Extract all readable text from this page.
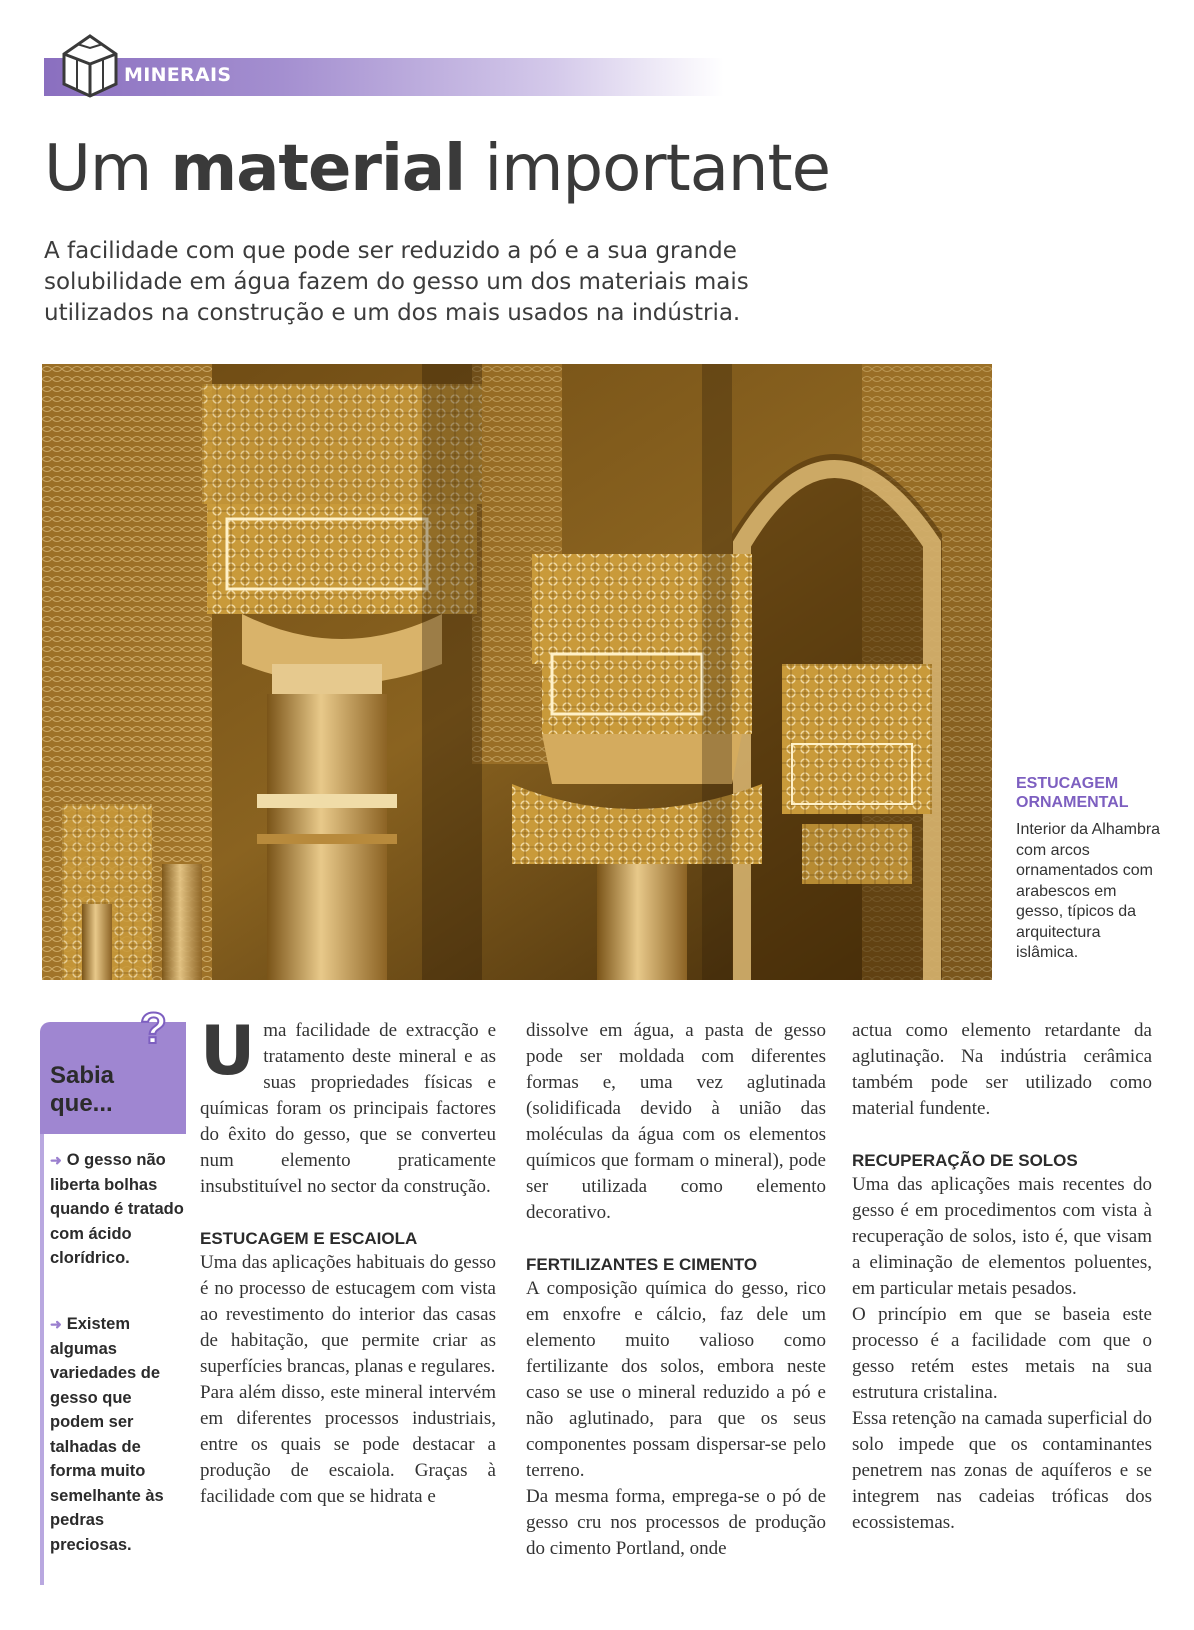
MINERAIS
Um material importante

A facilidade com que pode ser reduzido a pó e a sua grande solubilidade em água fazem do gesso um dos materiais mais utilizados na construção e um dos mais usados na indústria.

ESTUCAGEM ORNAMENTAL

Interior da Alhambra com arcos ornamentados com arabescos em gesso, típicos da arquitectura islâmica.

?

Sabia
que...

➜ O gesso não liberta bolhas quando é tratado com ácido clorídrico.

➜ Existem algumas variedades de gesso que podem ser talhadas de forma muito semelhante às pedras preciosas.

Uma facilidade de extracção e tratamento deste mineral e as suas propriedades físicas e químicas foram os principais factores do êxito do gesso, que se converteu num elemento praticamente insubstituível no sector da construção.

ESTUCAGEM E ESCAIOLA

Uma das aplicações habituais do gesso é no processo de estucagem com vista ao revestimento do interior das casas de habitação, que permite criar as superfícies brancas, planas e regulares.

Para além disso, este mineral intervém em diferentes processos industriais, entre os quais se pode destacar a produção de escaiola. Graças à facilidade com que se hidrata e

dissolve em água, a pasta de gesso pode ser moldada com diferentes formas e, uma vez aglutinada (solidificada devido à união das moléculas da água com os elementos químicos que formam o mineral), pode ser utilizada como elemento decorativo.

FERTILIZANTES E CIMENTO

A composição química do gesso, rico em enxofre e cálcio, faz dele um elemento muito valioso como fertilizante dos solos, embora neste caso se use o mineral reduzido a pó e não aglutinado, para que os seus componentes possam dispersar-se pelo terreno.

Da mesma forma, emprega-se o pó de gesso cru nos processos de produção do cimento Portland, onde

actua como elemento retardante da aglutinação. Na indústria cerâmica também pode ser utilizado como material fundente.

RECUPERAÇÃO DE SOLOS

Uma das aplicações mais recentes do gesso é em procedimentos com vista à recuperação de solos, isto é, que visam a eliminação de elementos poluentes, em particular metais pesados.

O princípio em que se baseia este processo é a facilidade com que o gesso retém estes metais na sua estrutura cristalina.

Essa retenção na camada superficial do solo impede que os contaminantes penetrem nas zonas de aquíferos e se integrem nas cadeias tróficas dos ecossistemas.
